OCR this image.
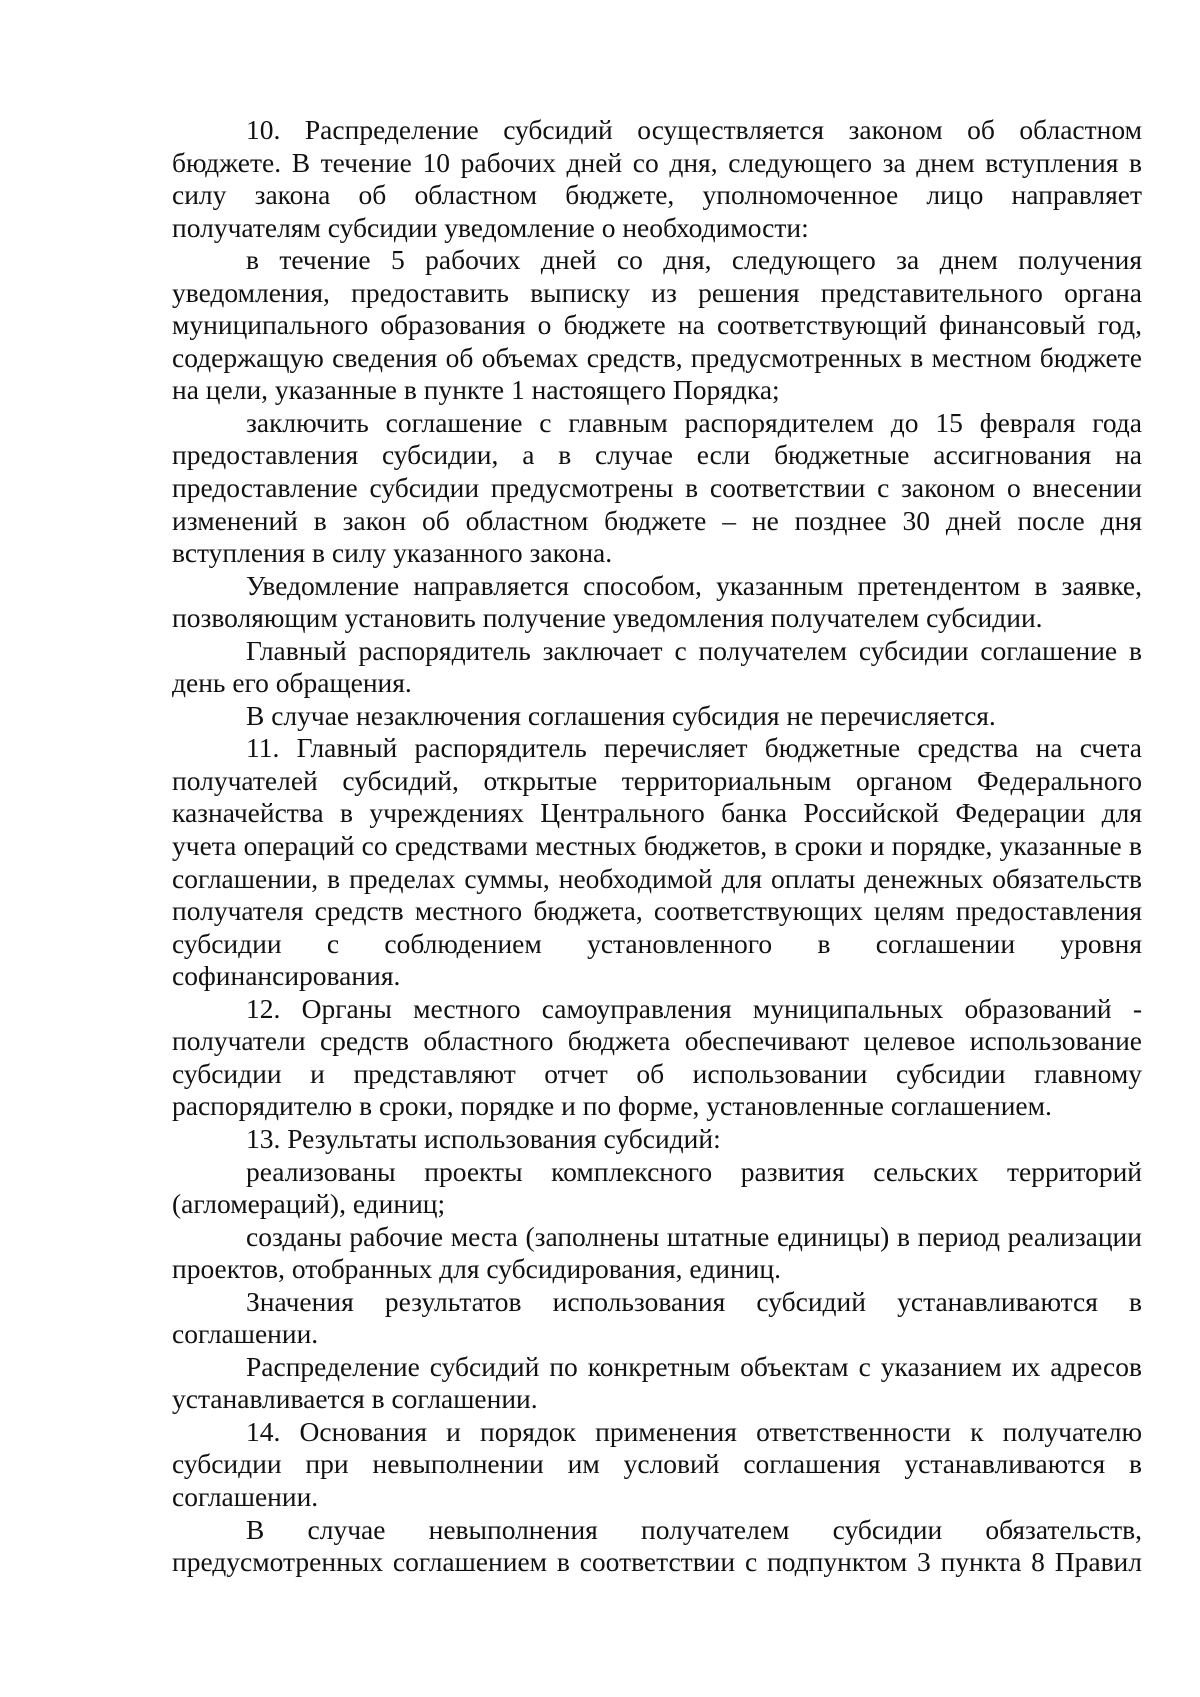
10. Распределение субсидий осуществляется законом об областном бюджете. В течение 10 рабочих дней со дня, следующего за днем вступления в силу закона об областном бюджете, уполномоченное лицо направляет получателям субсидии уведомление о необходимости:

в течение 5 рабочих дней со дня, следующего за днем получения уведомления, предоставить выписку из решения представительного органа муниципального образования о бюджете на соответствующий финансовый год, содержащую сведения об объемах средств, предусмотренных в местном бюджете на цели, указанные в пункте 1 настоящего Порядка;

заключить соглашение с главным распорядителем до 15 февраля года предоставления субсидии, а в случае если бюджетные ассигнования на предоставление субсидии предусмотрены в соответствии с законом о внесении изменений в закон об областном бюджете – не позднее 30 дней после дня вступления в силу указанного закона.

Уведомление направляется способом, указанным претендентом в заявке, позволяющим установить получение уведомления получателем субсидии.

Главный распорядитель заключает с получателем субсидии соглашение в день его обращения.

В случае незаключения соглашения субсидия не перечисляется.

11. Главный распорядитель перечисляет бюджетные средства на счета получателей субсидий, открытые территориальным органом Федерального казначейства в учреждениях Центрального банка Российской Федерации для учета операций со средствами местных бюджетов, в сроки и порядке, указанные в соглашении, в пределах суммы, необходимой для оплаты денежных обязательств получателя средств местного бюджета, соответствующих целям предоставления субсидии с соблюдением установленного в соглашении уровня софинансирования.

12. Органы местного самоуправления муниципальных образований - получатели средств областного бюджета обеспечивают целевое использование субсидии и представляют отчет об использовании субсидии главному распорядителю в сроки, порядке и по форме, установленные соглашением.

13. Результаты использования субсидий:

реализованы проекты комплексного развития сельских территорий (агломераций), единиц;

созданы рабочие места (заполнены штатные единицы) в период реализации проектов, отобранных для субсидирования, единиц.

Значения результатов использования субсидий устанавливаются в соглашении.

Распределение субсидий по конкретным объектам с указанием их адресов устанавливается в соглашении.

14. Основания и порядок применения ответственности к получателю субсидии при невыполнении им условий соглашения устанавливаются в соглашении.

В случае невыполнения получателем субсидии обязательств, предусмотренных соглашением в соответствии с подпунктом 3 пункта 8 Правил
